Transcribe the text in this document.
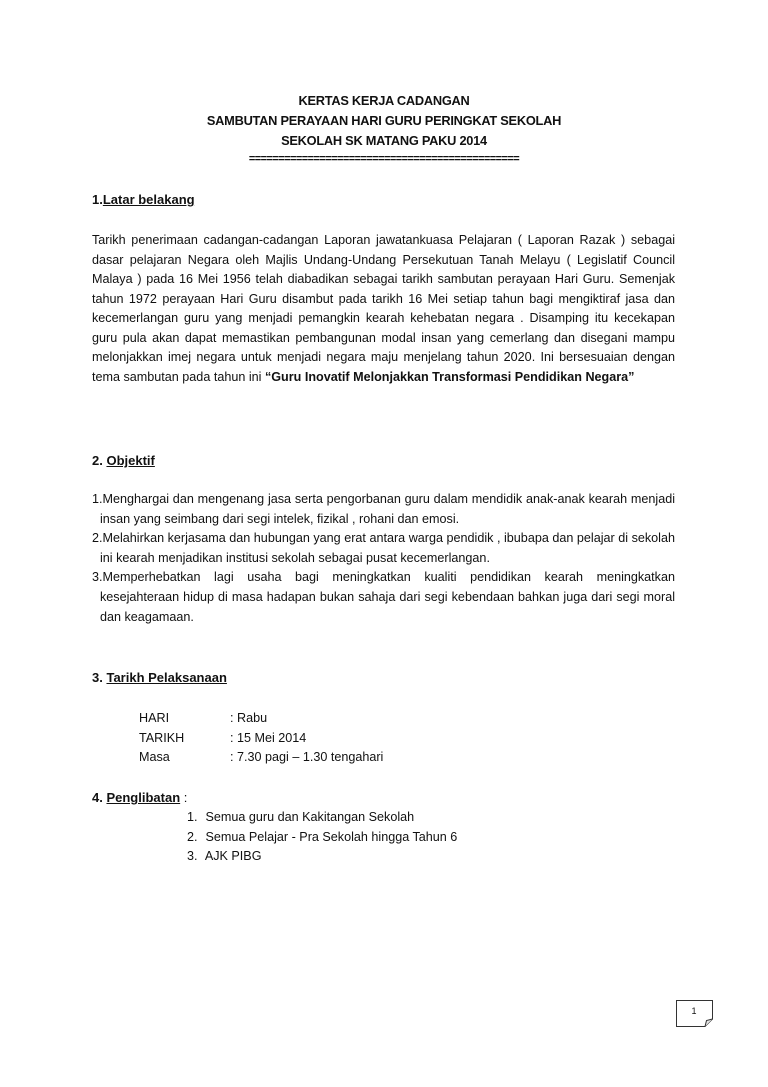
KERTAS KERJA CADANGAN
SAMBUTAN PERAYAAN HARI GURU PERINGKAT SEKOLAH
SEKOLAH SK MATANG PAKU 2014
==============================================
1.Latar belakang
Tarikh penerimaan cadangan-cadangan Laporan jawatankuasa Pelajaran ( Laporan Razak ) sebagai dasar pelajaran Negara oleh Majlis Undang-Undang Persekutuan Tanah Melayu ( Legislatif Council Malaya ) pada 16 Mei 1956 telah diabadikan sebagai tarikh sambutan perayaan Hari Guru. Semenjak tahun 1972 perayaan Hari Guru disambut pada tarikh 16 Mei setiap tahun bagi mengiktiraf jasa dan kecemerlangan guru yang menjadi pemangkin kearah kehebatan negara . Disamping itu kecekapan guru pula akan dapat memastikan pembangunan modal insan yang cemerlang dan disegani mampu melonjakkan imej negara untuk menjadi negara maju menjelang tahun 2020. Ini bersesuaian dengan tema sambutan pada tahun ini “Guru Inovatif Melonjakkan Transformasi Pendidikan Negara”
2. Objektif
1.Menghargai dan mengenang jasa serta pengorbanan guru dalam mendidik anak-anak kearah menjadi insan yang seimbang dari segi intelek, fizikal , rohani dan emosi.
2.Melahirkan kerjasama dan hubungan yang erat antara warga pendidik , ibubapa dan pelajar di sekolah ini kearah menjadikan institusi sekolah sebagai pusat kecemerlangan.
3.Memperhebatkan lagi usaha bagi meningkatkan kualiti pendidikan kearah meningkatkan kesejahteraan hidup di masa hadapan bukan sahaja dari segi kebendaan bahkan juga dari segi moral dan keagamaan.
3. Tarikh Pelaksanaan
HARI	: Rabu
TARIKH	: 15 Mei 2014
Masa	: 7.30 pagi – 1.30 tengahari
4. Penglibatan :
1. Semua guru dan Kakitangan Sekolah
2. Semua Pelajar - Pra Sekolah hingga Tahun 6
3. AJK PIBG
1
